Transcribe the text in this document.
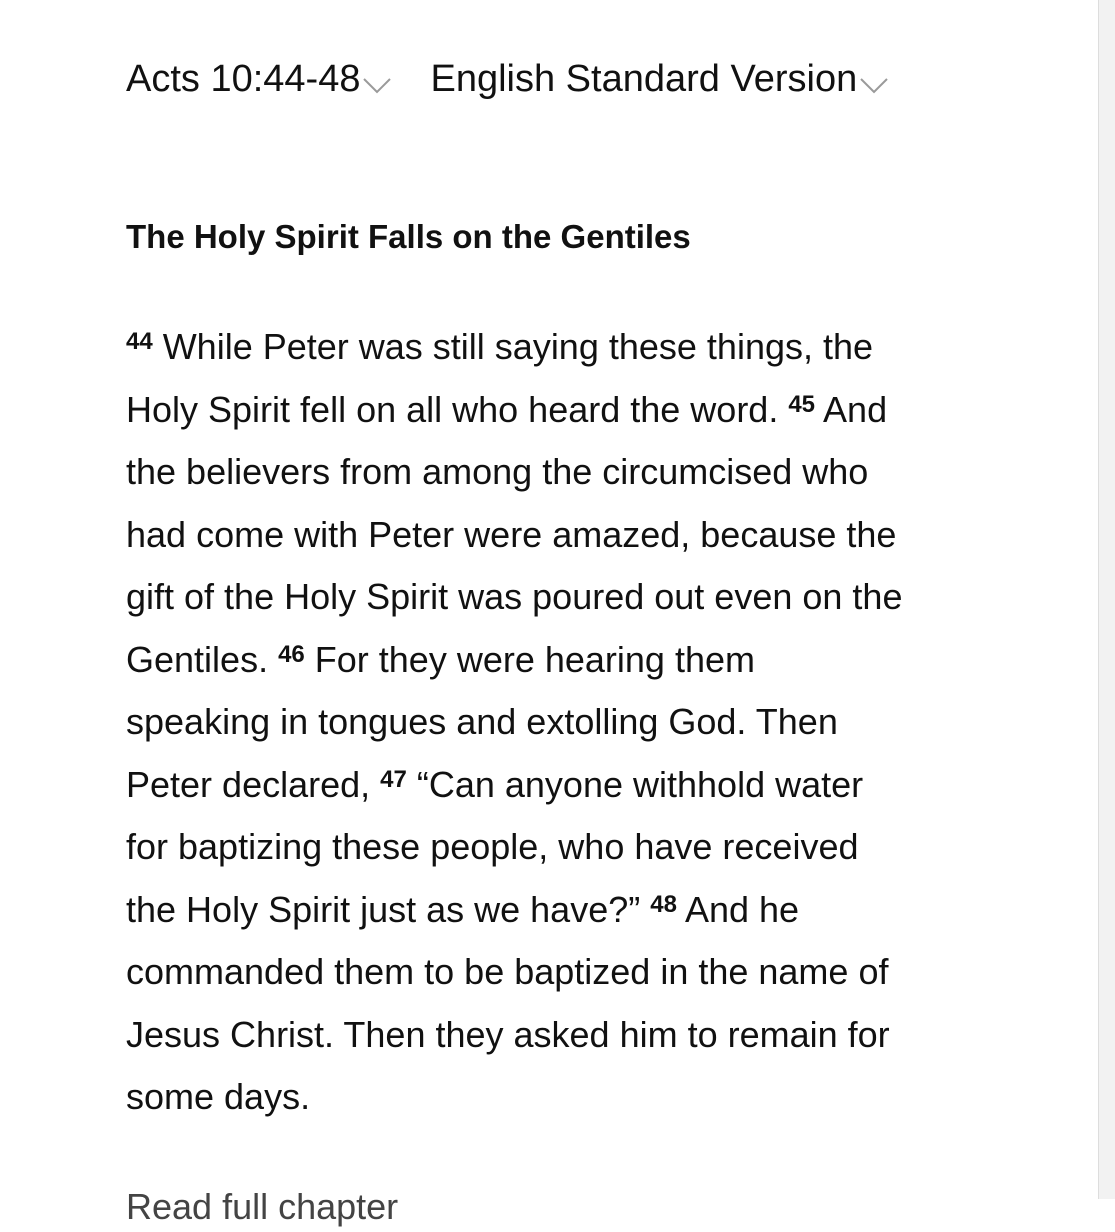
Acts 10:44-48 English Standard Version
The Holy Spirit Falls on the Gentiles

$^{44}$ While Peter was still saying these things, the
Holy Spirit fell on all who heard the word. $^{45}$ And
the believers from among the circumcised who
had come with Peter were amazed, because the
gift of the Holy Spirit was poured out even on the
Gentiles. $^{46}$ For they were hearing them
speaking in tongues and extolling God. Then
Peter declared, $^{47}$ “Can anyone withhold water
for baptizing these people, who have received
the Holy Spirit just as we have?” $^{48}$ And he
commanded them to be baptized in the name of
Jesus Christ. Then they asked him to remain for
some days.

Read full chapter
